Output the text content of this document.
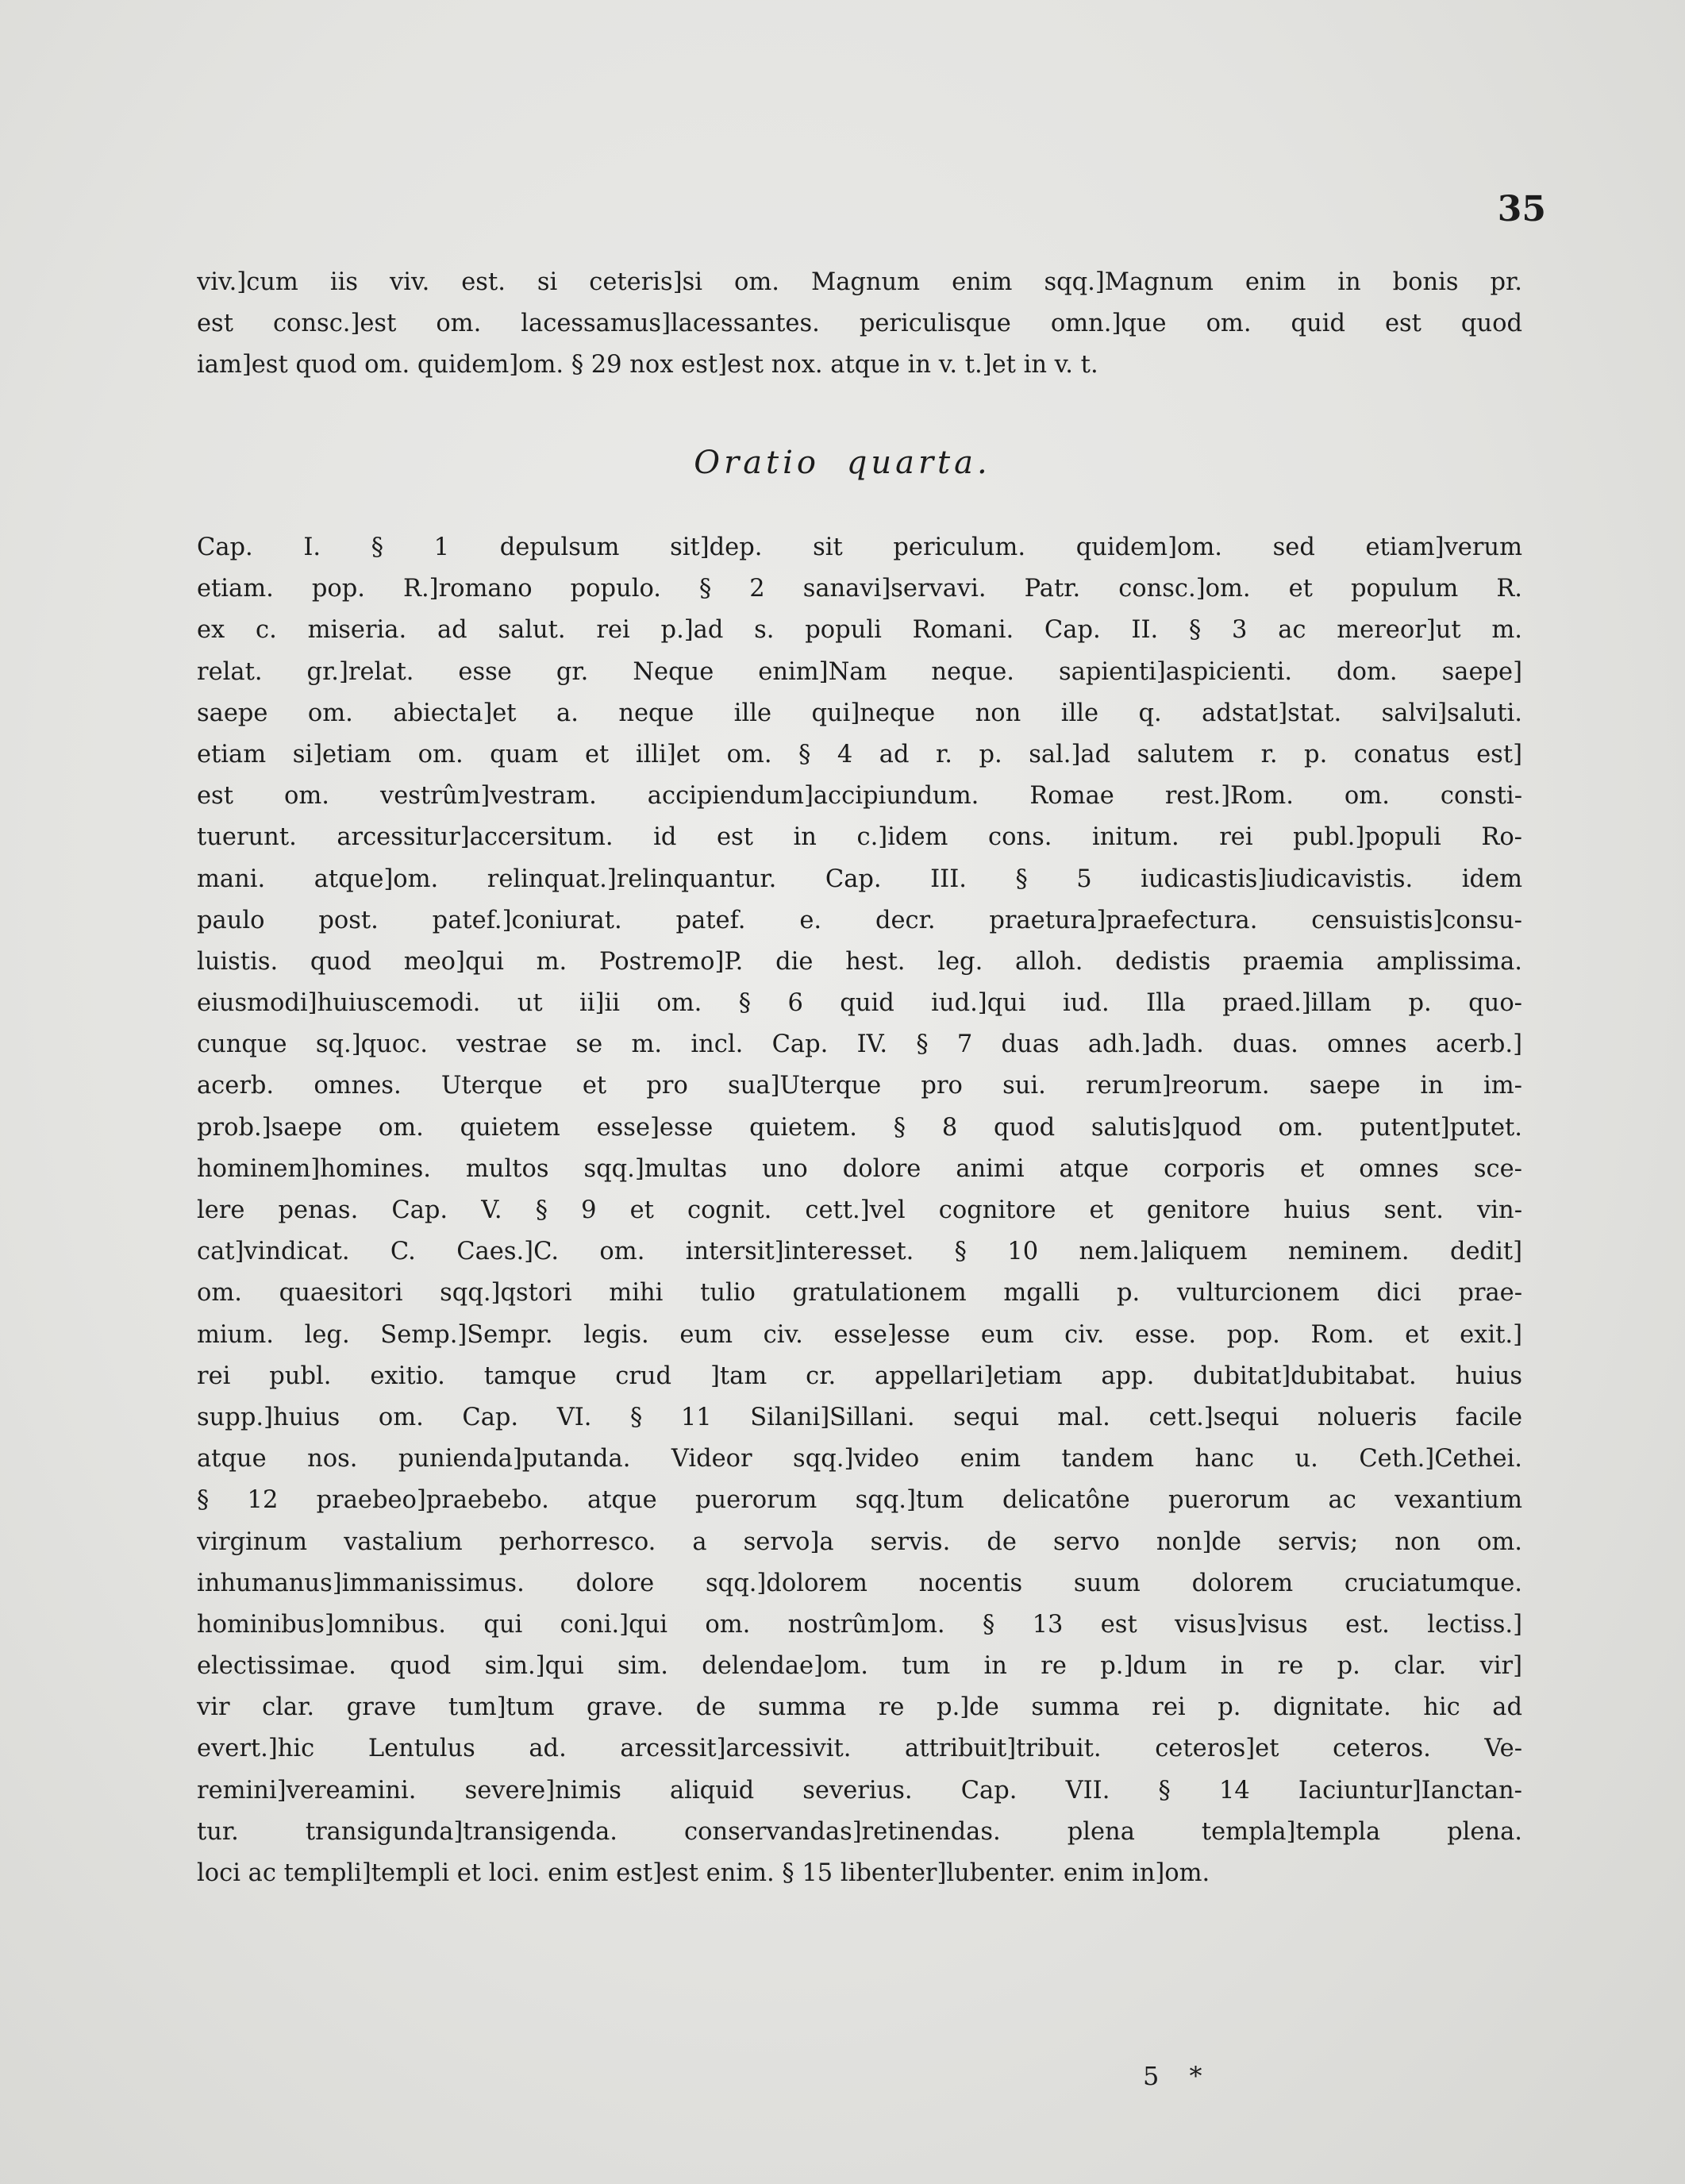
35
viv.]cum iis viv. est. si ceteris]si om. Magnum enim sqq.]Magnum enim in bonis pr.
est consc.]est om. lacessamus]lacessantes. periculisque omn.]que om. quid est quod
iam]est quod om. quidem]om. § 29 nox est]est nox. atque in v. t.]et in v. t.
Oratio quarta.
Cap. I. § 1 depulsum sit]dep. sit periculum. quidem]om. sed etiam]verum
etiam. pop. R.]romano populo. § 2 sanavi]servavi. Patr. consc.]om. et populum R.
ex c. miseria. ad salut. rei p.]ad s. populi Romani. Cap. II. § 3 ac mereor]ut m.
relat. gr.]relat. esse gr. Neque enim]Nam neque. sapienti]aspicienti. dom. saepe]
saepe om. abiecta]et a. neque ille qui]neque non ille q. adstat]stat. salvi]saluti.
etiam si]etiam om. quam et illi]et om. § 4 ad r. p. sal.]ad salutem r. p. conatus est]
est om. vestrûm]vestram. accipiendum]accipiundum. Romae rest.]Rom. om. consti-
tuerunt. arcessitur]accersitum. id est in c.]idem cons. initum. rei publ.]populi Ro-
mani. atque]om. relinquat.]relinquantur. Cap. III. § 5 iudicastis]iudicavistis. idem
paulo post. patef.]coniurat. patef. e. decr. praetura]praefectura. censuistis]consu-
luistis. quod meo]qui m. Postremo]P. die hest. leg. alloh. dedistis praemia amplissima.
eiusmodi]huiuscemodi. ut ii]ii om. § 6 quid iud.]qui iud. Illa praed.]illam p. quo-
cunque sq.]quoc. vestrae se m. incl. Cap. IV. § 7 duas adh.]adh. duas. omnes acerb.]
acerb. omnes. Uterque et pro sua]Uterque pro sui. rerum]reorum. saepe in im-
prob.]saepe om. quietem esse]esse quietem. § 8 quod salutis]quod om. putent]putet.
hominem]homines. multos sqq.]multas uno dolore animi atque corporis et omnes sce-
lere penas. Cap. V. § 9 et cognit. cett.]vel cognitore et genitore huius sent. vin-
cat]vindicat. C. Caes.]C. om. intersit]interesset. § 10 nem.]aliquem neminem. dedit]
om. quaesitori sqq.]qstori mihi tulio gratulationem mgalli p. vulturcionem dici prae-
mium. leg. Semp.]Sempr. legis. eum civ. esse]esse eum civ. esse. pop. Rom. et exit.]
rei publ. exitio. tamque crud ]tam cr. appellari]etiam app. dubitat]dubitabat. huius
supp.]huius om. Cap. VI. § 11 Silani]Sillani. sequi mal. cett.]sequi nolueris facile
atque nos. punienda]putanda. Videor sqq.]video enim tandem hanc u. Ceth.]Cethei.
§ 12 praebeo]praebebo. atque puerorum sqq.]tum delicatône puerorum ac vexantium
virginum vastalium perhorresco. a servo]a servis. de servo non]de servis; non om.
inhumanus]immanissimus. dolore sqq.]dolorem nocentis suum dolorem cruciatumque.
hominibus]omnibus. qui coni.]qui om. nostrûm]om. § 13 est visus]visus est. lectiss.]
electissimae. quod sim.]qui sim. delendae]om. tum in re p.]dum in re p. clar. vir]
vir clar. grave tum]tum grave. de summa re p.]de summa rei p. dignitate. hic ad
evert.]hic Lentulus ad. arcessit]arcessivit. attribuit]tribuit. ceteros]et ceteros. Ve-
remini]vereamini. severe]nimis aliquid severius. Cap. VII. § 14 Iaciuntur]Ianctan-
tur. transigunda]transigenda. conservandas]retinendas. plena templa]templa plena.
loci ac templi]templi et loci. enim est]est enim. § 15 libenter]lubenter. enim in]om.
5 *
